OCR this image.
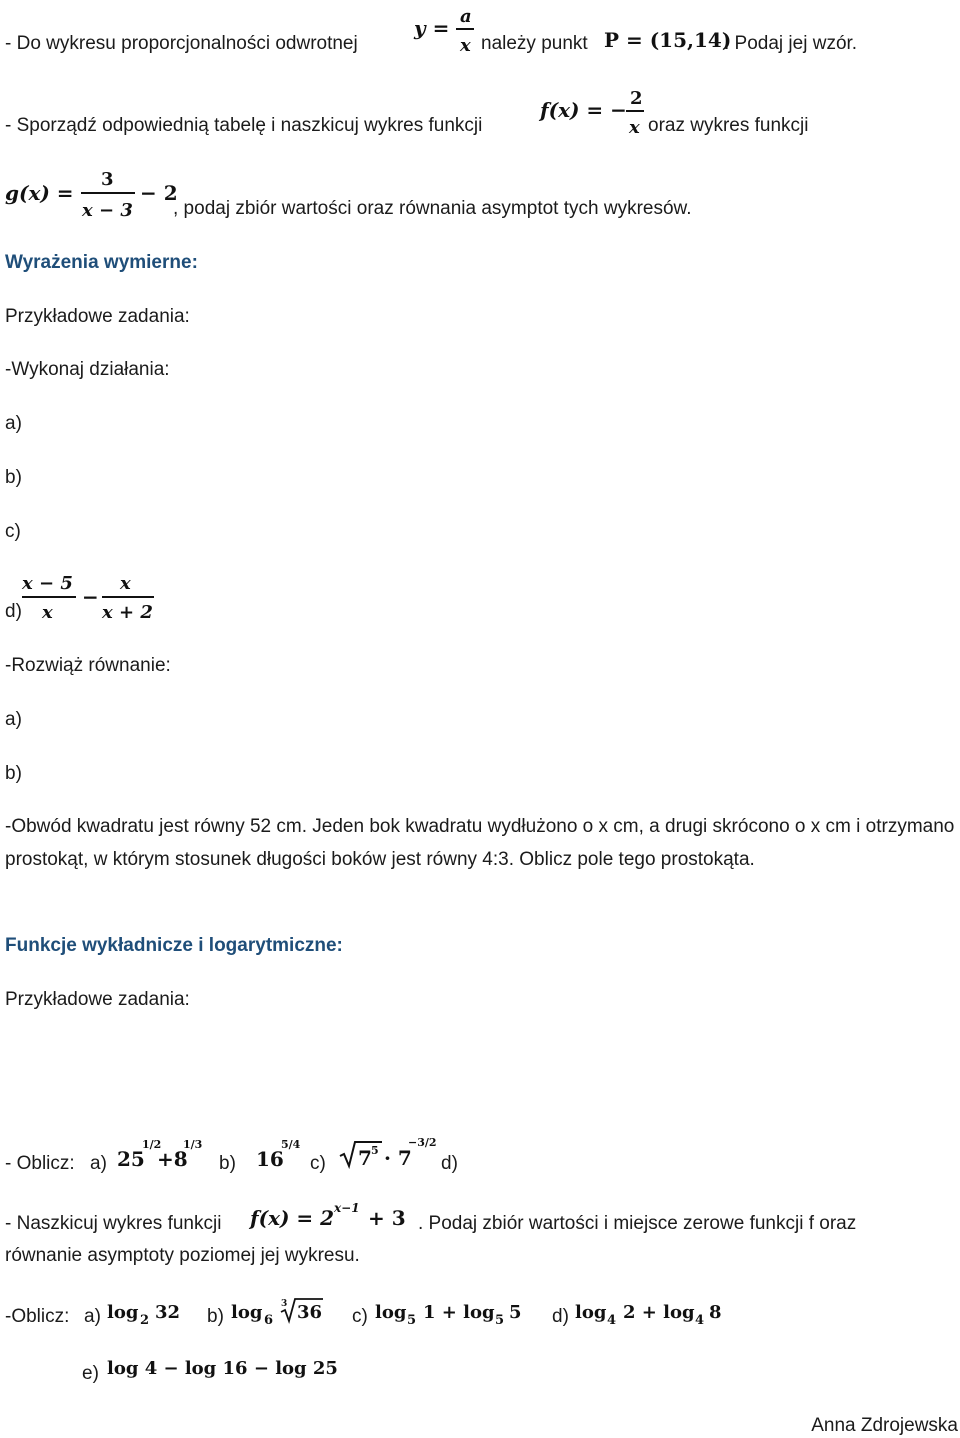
- Do wykresu proporcjonalności odwrotnej
y = a
x należy punkt P = (15,14)
. Podaj jej wzór.
- Sporządź odpowiednią tabelę i naszkicuj wykres funkcji
f(x) = − 2
x oraz wykres funkcji
g(x) =
3
x − 3
− 2
, podaj zbiór wartości oraz równania asymptot tych wykresów.
Wyrażenia wymierne:
Przykładowe zadania:
-Wykonaj działania:
a)
b)
c)
d)
x − 5
x
−
x
x + 2
-Rozwiąż równanie:
a)
b)
-Obwód kwadratu jest równy 52 cm. Jeden bok kwadratu wydłużono o x cm, a drugi skrócono o x cm i otrzymano prostokąt, w którym stosunek długości boków jest równy 4:3. Oblicz pole tego prostokąta.
Funkcje wykładnicze i logarytmiczne:
Przykładowe zadania:
- Oblicz: a) 25
1/2
+8
1/3
b) 16
5/4
c) 7 5 · 7
−3/2
d)
- Naszkicuj wykres funkcji f(x) = 2 x−1 + 3 . Podaj zbiór wartości i miejsce zerowe funkcji f oraz
równanie asymptoty poziomej jej wykresu.
-Oblicz: a) log 2 32 b) log 6
3 36 c) log 5 1 + log 5 5 d) log 4 2 + log 4 8
e) log 4 − log 16 − log 25
Anna Zdrojewska
